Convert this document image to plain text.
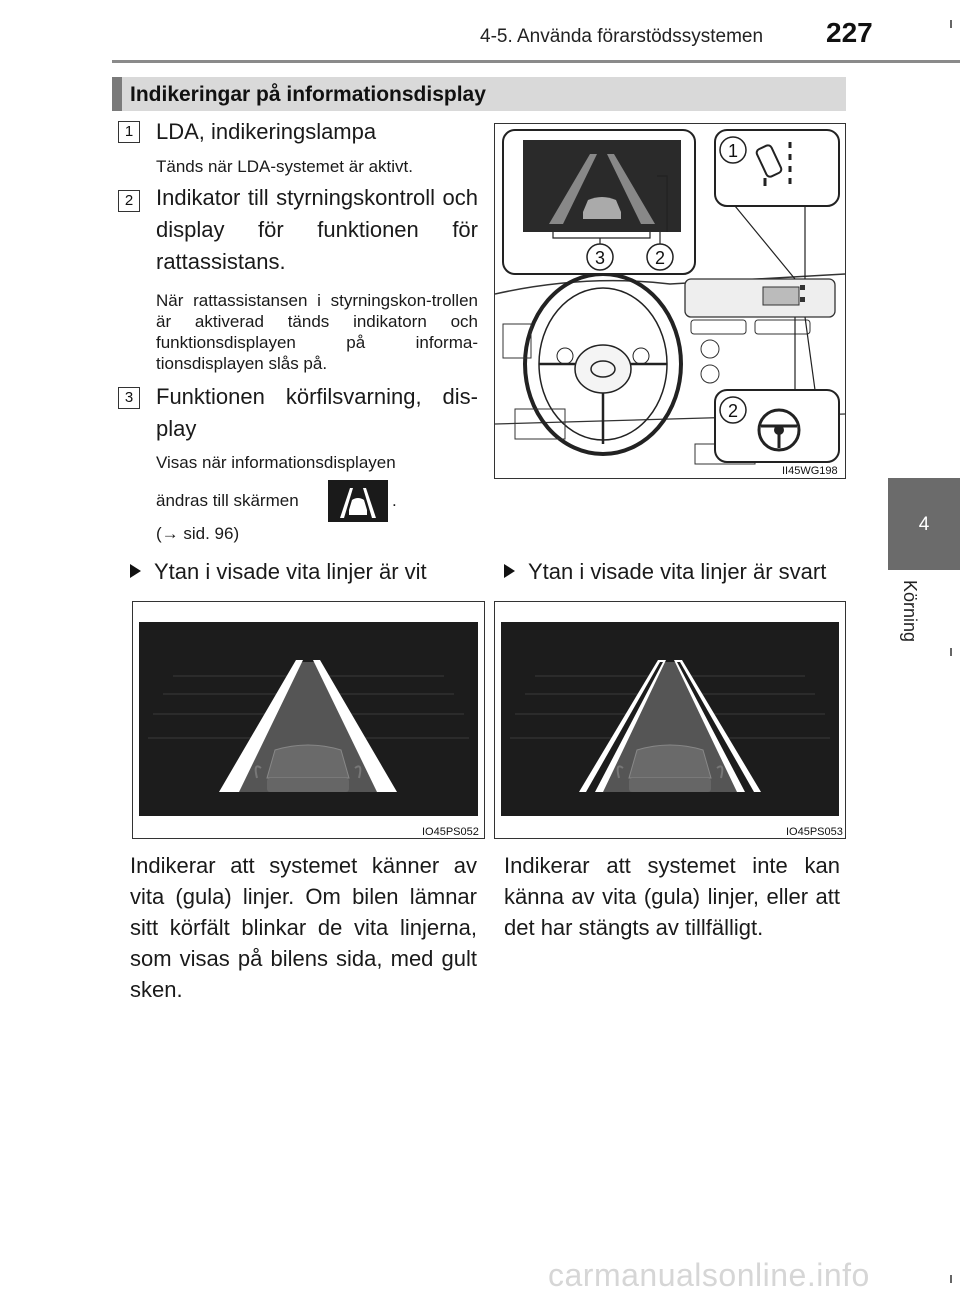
4-5. Använda förarstödssystemen 227
4
Körning
Indikeringar på informationsdisplay
1	LDA, indikeringslampa
Tänds när LDA-systemet är aktivt.
2	Indikator till styrningskontroll och display för funktionen för rattassistans.
När rattassistansen i styrningskon-trollen är aktiverad tänds indikatorn och funktionsdisplayen på informa-tionsdisplayen slås på.
3	Funktionen körfilsvarning, dis-play
Visas när informationsdisplayen
ändras till skärmen	.
(→ sid. 96)
3	2
1
2
II45WG198
Ytan i visade vita linjer är vit	Ytan i visade vita linjer är svart
IO45PS052	IO45PS053
Indikerar att systemet känner av vita (gula) linjer. Om bilen lämnar sitt körfält blinkar de vita linjerna, som visas på bilens sida, med gult sken.
Indikerar att systemet inte kan känna av vita (gula) linjer, eller att det har stängts av tillfälligt.
carmanualsonline.info
